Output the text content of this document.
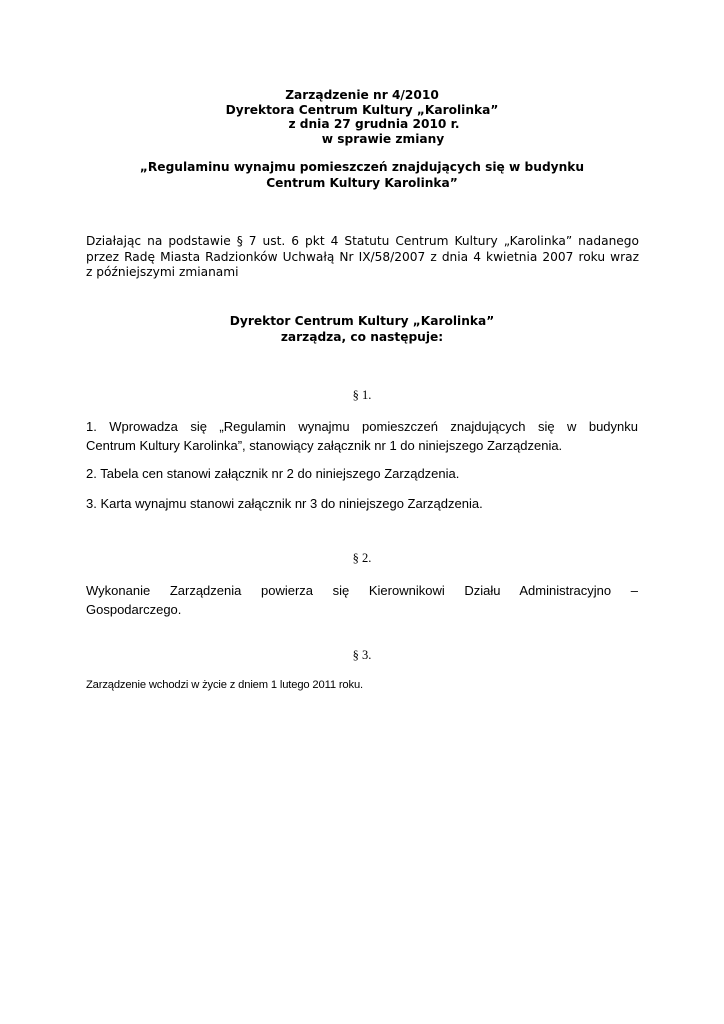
Zarządzenie nr 4/2010
Dyrektora Centrum Kultury „Karolinka”
z dnia 27 grudnia 2010 r.
w sprawie zmiany
„Regulaminu wynajmu pomieszczeń znajdujących się w budynku
Centrum Kultury Karolinka”
Działając na podstawie § 7 ust. 6 pkt 4 Statutu Centrum Kultury „Karolinka” nadanego
przez Radę Miasta Radzionków Uchwałą Nr IX/58/2007 z dnia 4 kwietnia 2007 roku wraz
z późniejszymi zmianami
Dyrektor Centrum Kultury „Karolinka”
zarządza, co następuje:
§ 1.
1. Wprowadza się „Regulamin wynajmu pomieszczeń znajdujących się w budynku
Centrum Kultury Karolinka”, stanowiący załącznik nr 1 do niniejszego Zarządzenia.
2. Tabela cen stanowi załącznik nr 2 do niniejszego Zarządzenia.
3. Karta wynajmu stanowi załącznik nr 3 do niniejszego Zarządzenia.
§ 2.
Wykonanie Zarządzenia powierza się Kierownikowi Działu Administracyjno –
Gospodarczego.
§ 3.
Zarządzenie wchodzi w życie z dniem 1 lutego 2011 roku.
